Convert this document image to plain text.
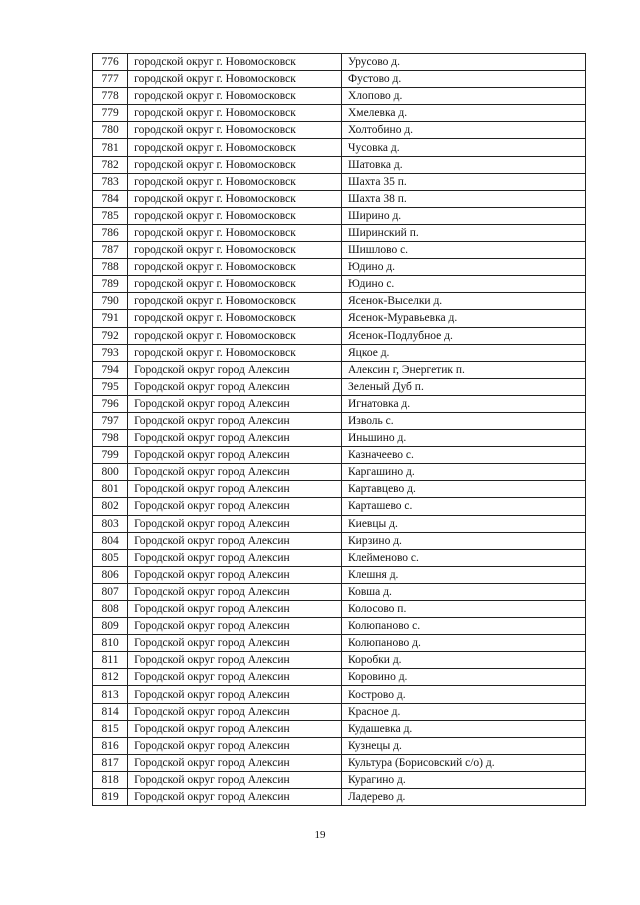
776	городской округ г. Новомосковск	Урусово д.
777	городской округ г. Новомосковск	Фустово д.
778	городской округ г. Новомосковск	Хлопово д.
779	городской округ г. Новомосковск	Хмелевка д.
780	городской округ г. Новомосковск	Холтобино д.
781	городской округ г. Новомосковск	Чусовка д.
782	городской округ г. Новомосковск	Шатовка д.
783	городской округ г. Новомосковск	Шахта 35 п.
784	городской округ г. Новомосковск	Шахта 38 п.
785	городской округ г. Новомосковск	Ширино д.
786	городской округ г. Новомосковск	Ширинский п.
787	городской округ г. Новомосковск	Шишлово с.
788	городской округ г. Новомосковск	Юдино д.
789	городской округ г. Новомосковск	Юдино с.
790	городской округ г. Новомосковск	Ясенок-Выселки д.
791	городской округ г. Новомосковск	Ясенок-Муравьевка д.
792	городской округ г. Новомосковск	Ясенок-Подлубное д.
793	городской округ г. Новомосковск	Яцкое д.
794	Городской округ город Алексин	Алексин г, Энергетик п.
795	Городской округ город Алексин	Зеленый Дуб п.
796	Городской округ город Алексин	Игнатовка д.
797	Городской округ город Алексин	Изволь с.
798	Городской округ город Алексин	Иньшино д.
799	Городской округ город Алексин	Казначеево с.
800	Городской округ город Алексин	Каргашино д.
801	Городской округ город Алексин	Картавцево д.
802	Городской округ город Алексин	Карташево с.
803	Городской округ город Алексин	Киевцы д.
804	Городской округ город Алексин	Кирзино д.
805	Городской округ город Алексин	Клейменово с.
806	Городской округ город Алексин	Клешня д.
807	Городской округ город Алексин	Ковша д.
808	Городской округ город Алексин	Колосово п.
809	Городской округ город Алексин	Колюпаново с.
810	Городской округ город Алексин	Колюпаново д.
811	Городской округ город Алексин	Коробки д.
812	Городской округ город Алексин	Коровино д.
813	Городской округ город Алексин	Кострово д.
814	Городской округ город Алексин	Красное д.
815	Городской округ город Алексин	Кудашевка д.
816	Городской округ город Алексин	Кузнецы д.
817	Городской округ город Алексин	Культура (Борисовский с/о) д.
818	Городской округ город Алексин	Курагино д.
819	Городской округ город Алексин	Ладерево д.
19
